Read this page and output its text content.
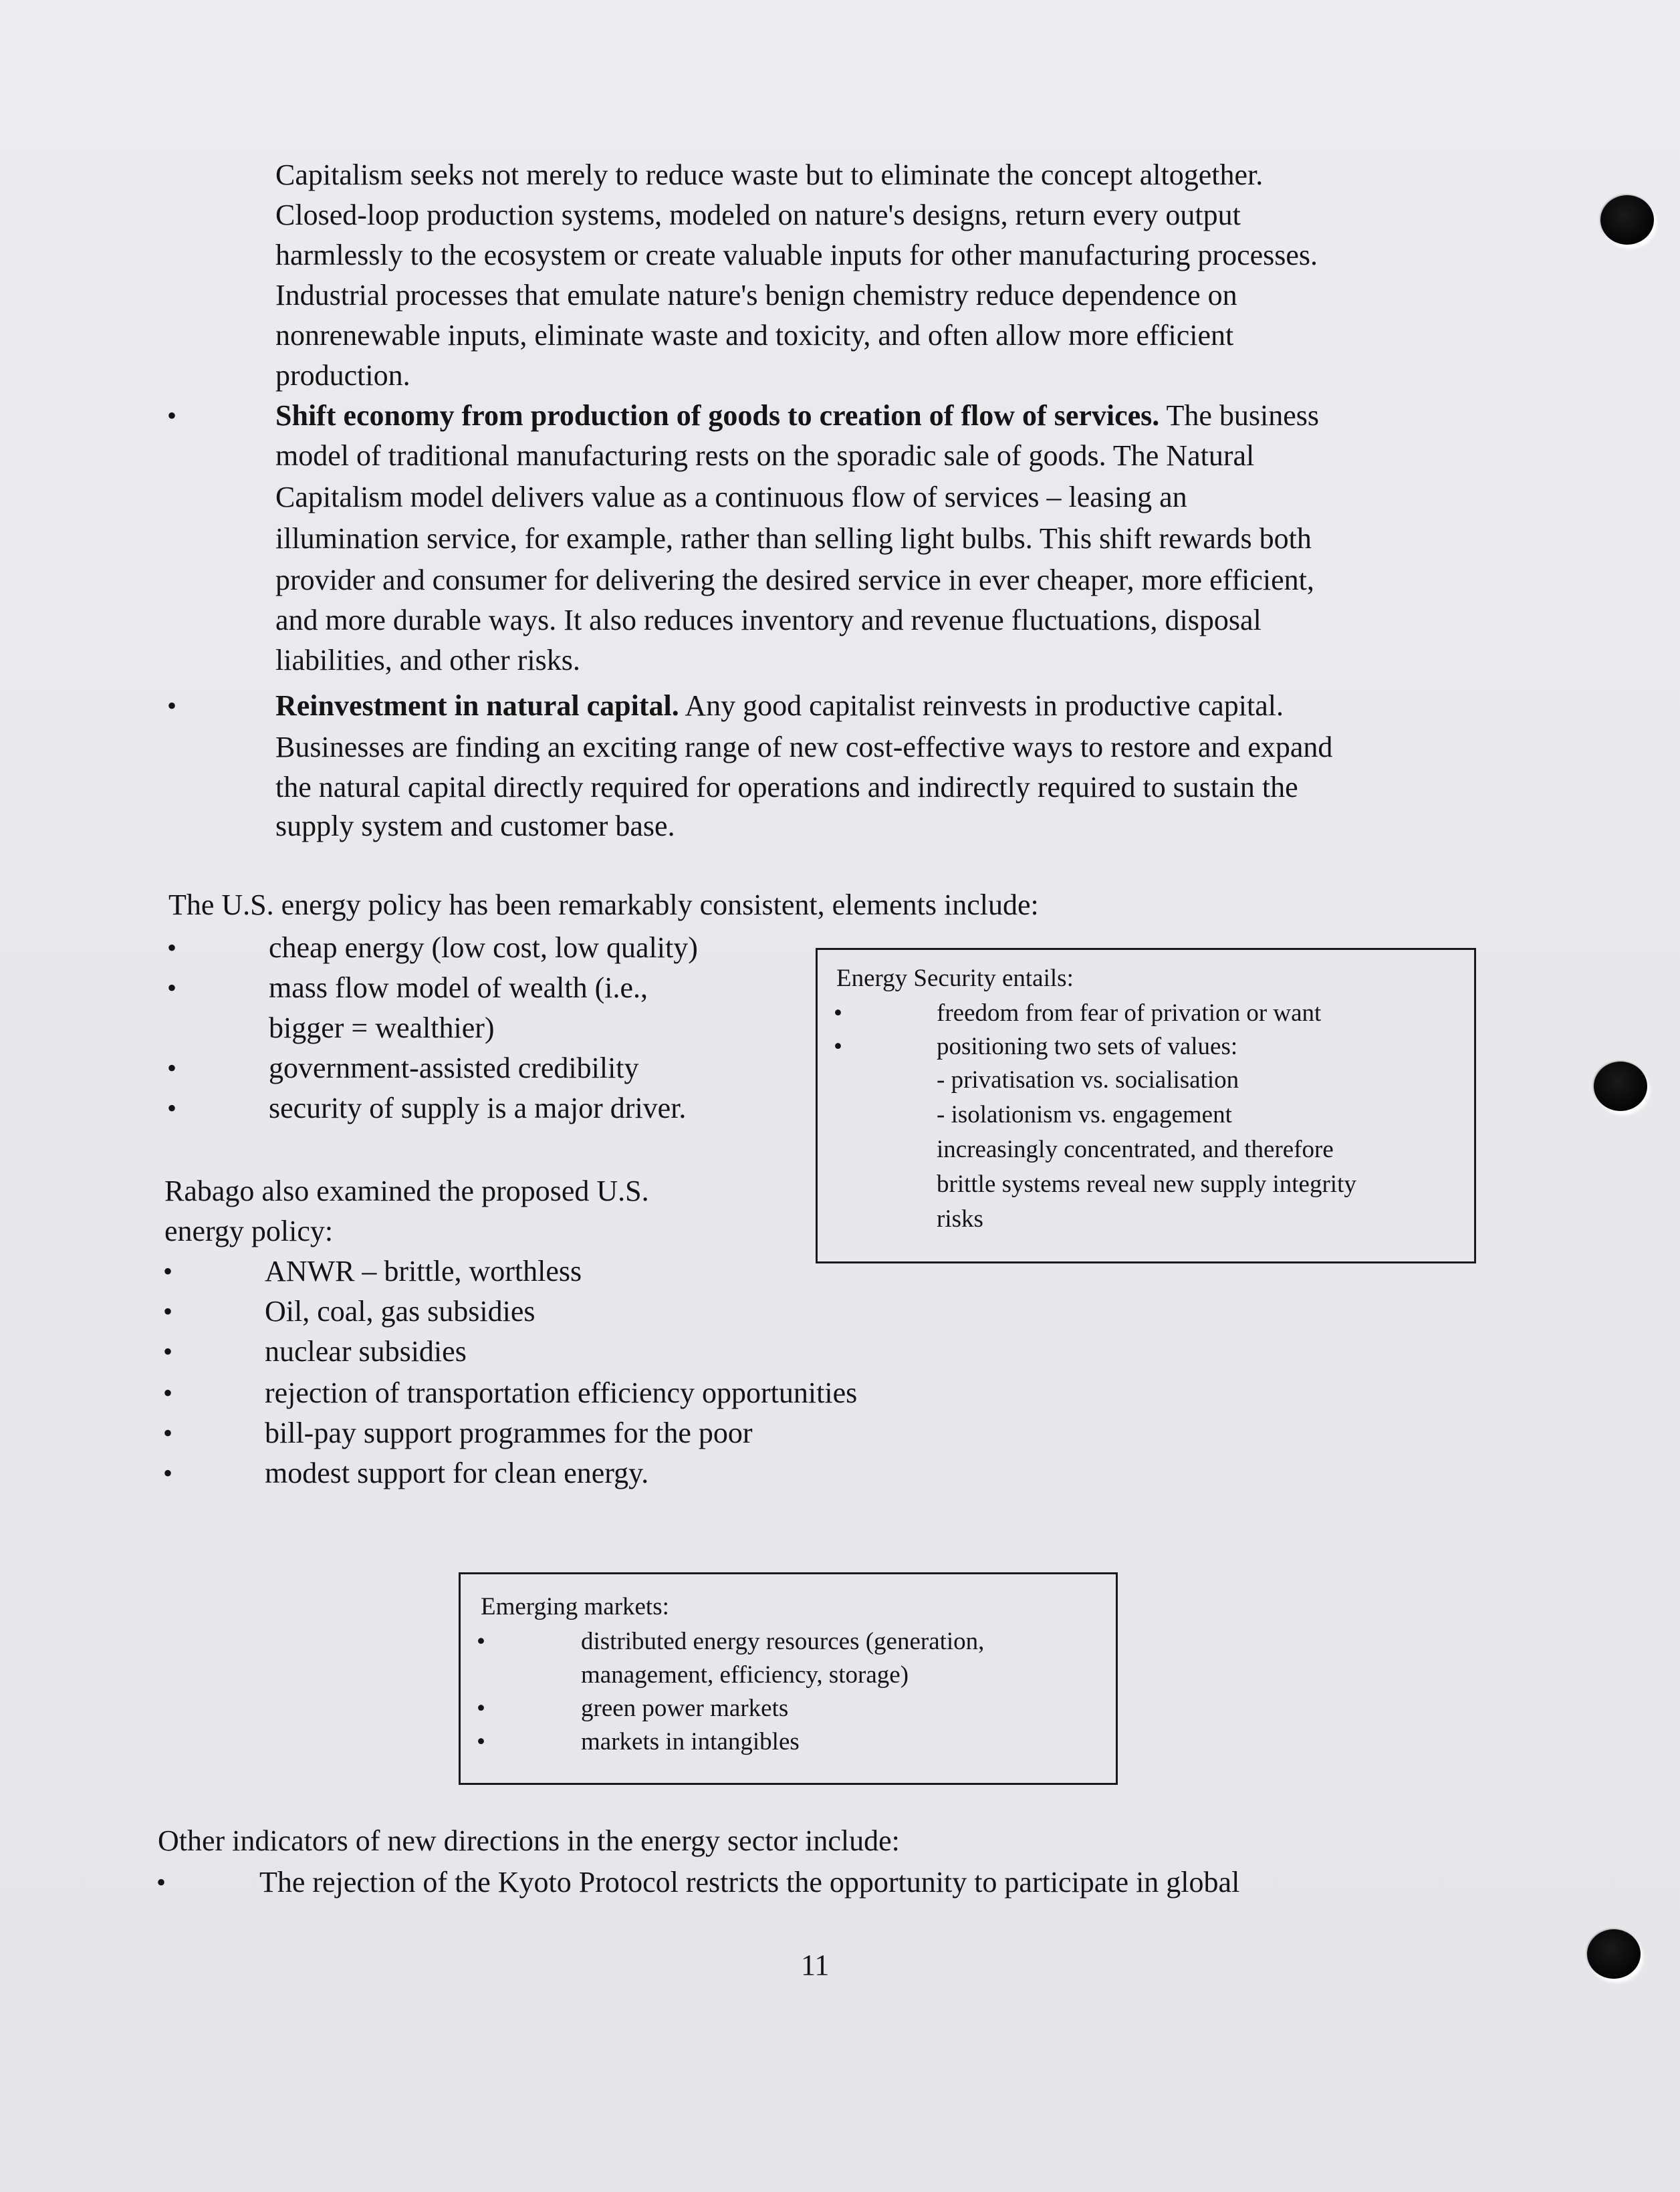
Capitalism seeks not merely to reduce waste but to eliminate the concept altogether.
Closed-loop production systems, modeled on nature's designs, return every output
harmlessly to the ecosystem or create valuable inputs for other manufacturing processes.
Industrial processes that emulate nature's benign chemistry reduce dependence on
nonrenewable inputs, eliminate waste and toxicity, and often allow more efficient
production.
•	Shift economy from production of goods to creation of flow of services. The business
model of traditional manufacturing rests on the sporadic sale of goods. The Natural
Capitalism model delivers value as a continuous flow of services – leasing an
illumination service, for example, rather than selling light bulbs. This shift rewards both
provider and consumer for delivering the desired service in ever cheaper, more efficient,
and more durable ways. It also reduces inventory and revenue fluctuations, disposal
liabilities, and other risks.
•	Reinvestment in natural capital. Any good capitalist reinvests in productive capital.
Businesses are finding an exciting range of new cost-effective ways to restore and expand
the natural capital directly required for operations and indirectly required to sustain the
supply system and customer base.
The U.S. energy policy has been remarkably consistent, elements include:
•	cheap energy (low cost, low quality)
•	mass flow model of wealth (i.e.,
bigger = wealthier)
•	government-assisted credibility
•	security of supply is a major driver.
Energy Security entails:
•	freedom from fear of privation or want
•	positioning two sets of values:
- privatisation vs. socialisation
- isolationism vs. engagement
increasingly concentrated, and therefore
brittle systems reveal new supply integrity
risks
Rabago also examined the proposed U.S.
energy policy:
•	ANWR – brittle, worthless
•	Oil, coal, gas subsidies
•	nuclear subsidies
•	rejection of transportation efficiency opportunities
•	bill-pay support programmes for the poor
•	modest support for clean energy.
Emerging markets:
•	distributed energy resources (generation,
management, efficiency, storage)
•	green power markets
•	markets in intangibles
Other indicators of new directions in the energy sector include:
•	The rejection of the Kyoto Protocol restricts the opportunity to participate in global
11
